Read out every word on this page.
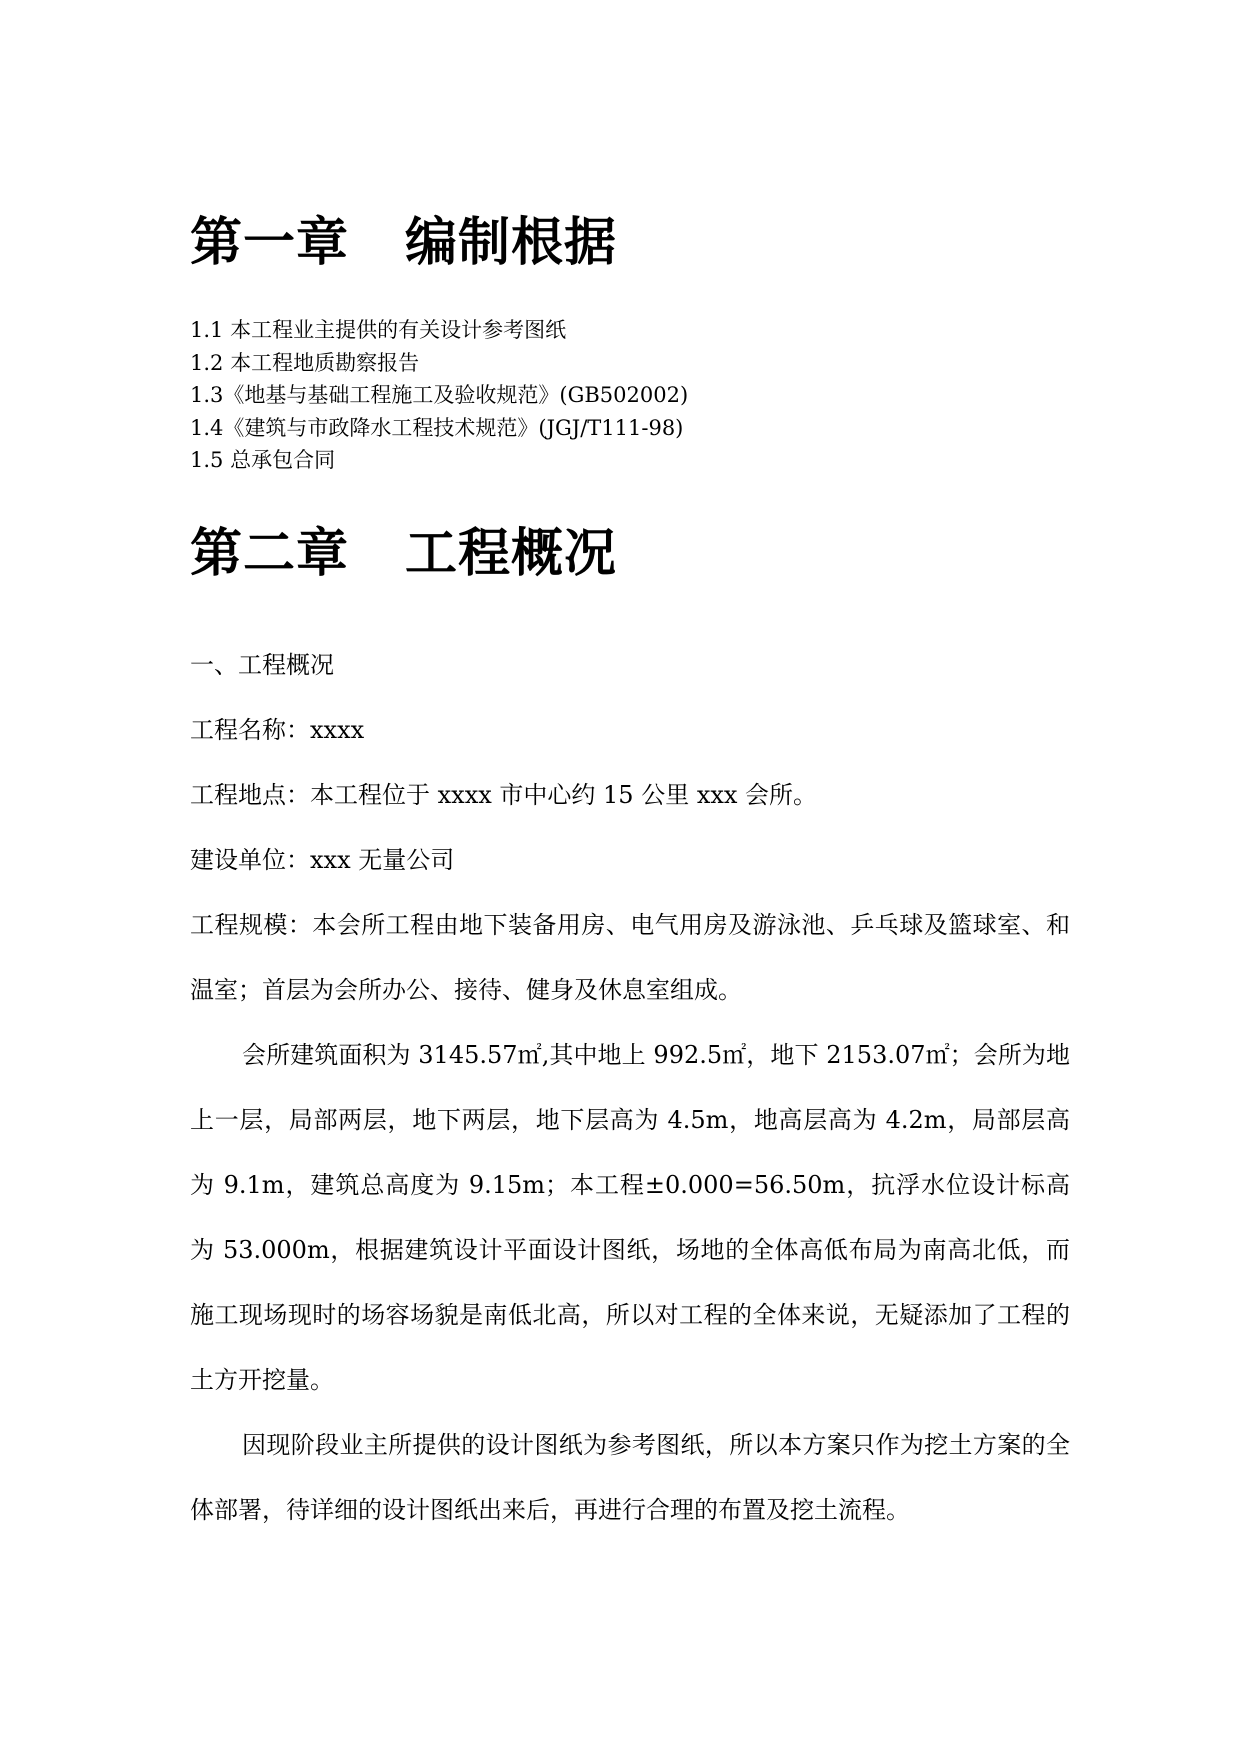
第一章 编制根据
1.1 本工程业主提供的有关设计参考图纸
1.2 本工程地质勘察报告
1.3《地基与基础工程施工及验收规范》(GB502002)
1.4《建筑与市政降水工程技术规范》(JGJ/T111-98)
1.5 总承包合同
第二章 工程概况

一、工程概况

工程名称：xxxx

工程地点：本工程位于 xxxx 市中心约 15 公里 xxx 会所。

建设单位：xxx 无量公司

工程规模：本会所工程由地下装备用房、电气用房及游泳池、乒乓球及篮球室、和温室；首层为会所办公、接待、健身及休息室组成。

会所建筑面积为 3145.57㎡,其中地上 992.5㎡，地下 2153.07㎡；会所为地上一层，局部两层，地下两层，地下层高为 4.5m，地高层高为 4.2m，局部层高为 9.1m，建筑总高度为 9.15m；本工程±0.000=56.50m，抗浮水位设计标高为 53.000m，根据建筑设计平面设计图纸，场地的全体高低布局为南高北低，而施工现场现时的场容场貌是南低北高，所以对工程的全体来说，无疑添加了工程的土方开挖量。

因现阶段业主所提供的设计图纸为参考图纸，所以本方案只作为挖土方案的全体部署，待详细的设计图纸出来后，再进行合理的布置及挖土流程。
